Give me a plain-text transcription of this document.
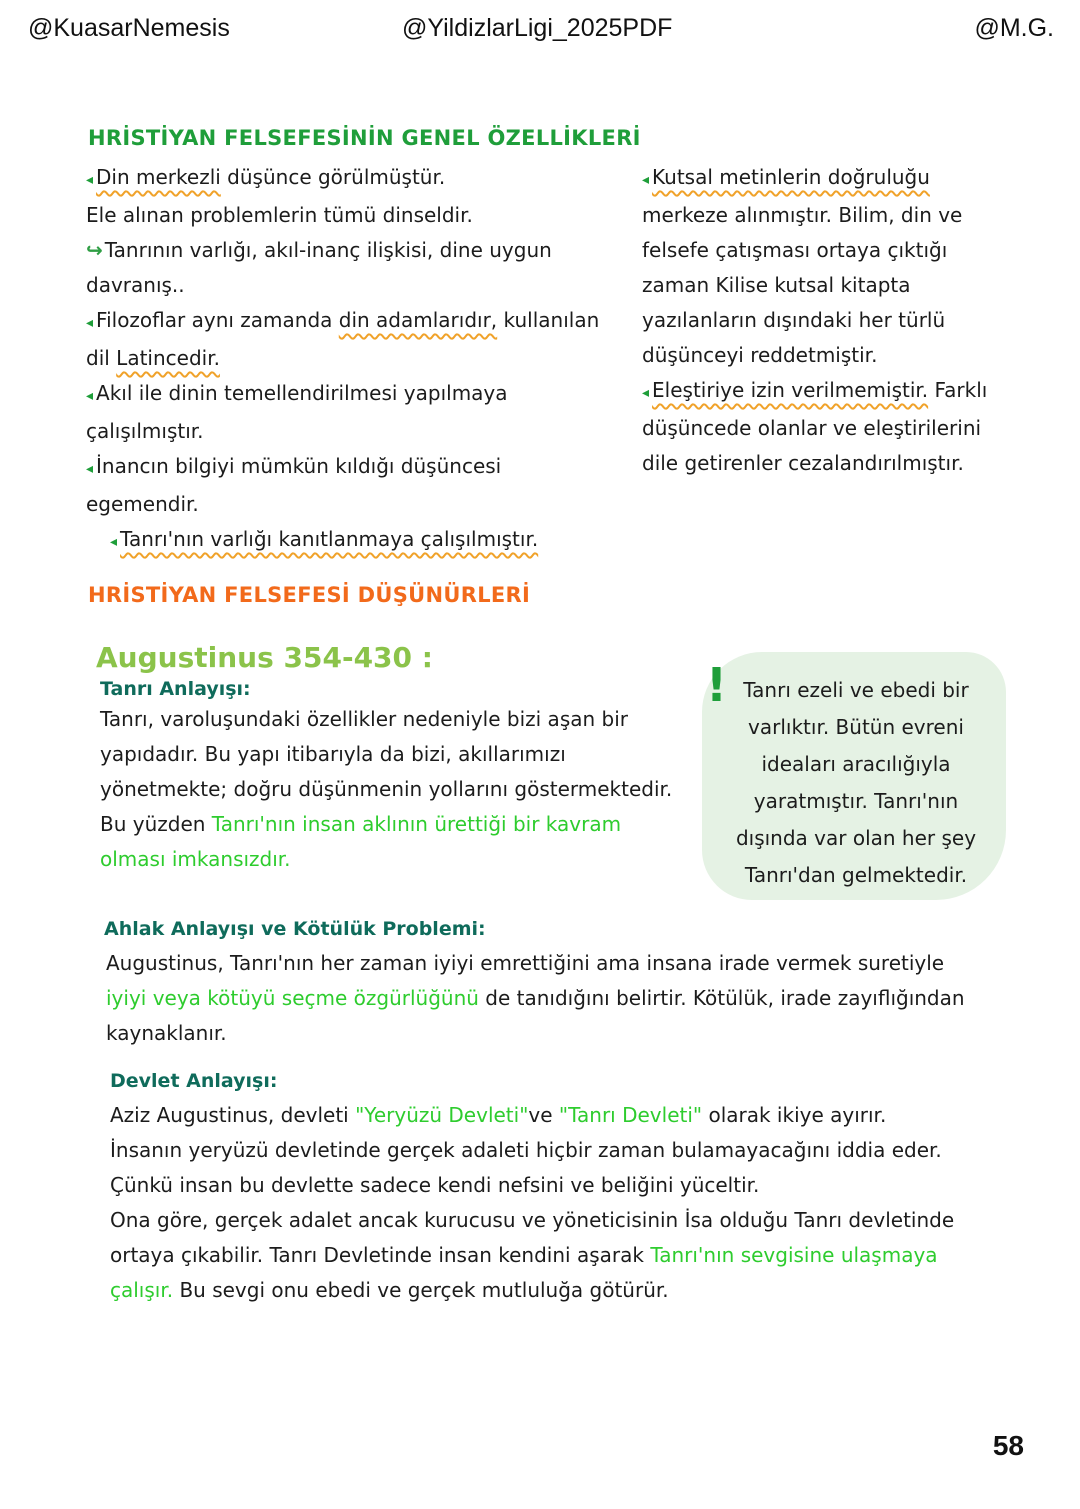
@KuasarNemesis	@YildizlarLigi_2025PDF	@M.G.
HRİSTİYAN FELSEFESİNİN GENEL ÖZELLİKLERİ

◂ Din merkezli düşünce görülmüştür.

Ele alınan problemlerin tümü dinseldir.

↪ Tanrının varlığı, akıl-inanç ilişkisi, dine uygun davranış..

◂ Filozoflar aynı zamanda din adamlarıdır, kullanılan dil Latincedir.

◂ Akıl ile dinin temellendirilmesi yapılmaya çalışılmıştır.

◂ İnancın bilgiyi mümkün kıldığı düşüncesi egemendir.

◂ Tanrı'nın varlığı kanıtlanmaya çalışılmıştır.

◂ Kutsal metinlerin doğruluğu merkeze alınmıştır. Bilim, din ve felsefe çatışması ortaya çıktığı zaman Kilise kutsal kitapta yazılanların dışındaki her türlü düşünceyi reddetmiştir.

◂ Eleştiriye izin verilmemiştir. Farklı düşüncede olanlar ve eleştirilerini dile getirenler cezalandırılmıştır.

HRİSTİYAN FELSEFESİ DÜŞÜNÜRLERİ
Augustinus 354-430 :
Tanrı Anlayışı:

Tanrı, varoluşundaki özellikler nedeniyle bizi aşan bir yapıdadır. Bu yapı itibarıyla da bizi, akıllarımızı yönetmekte; doğru düşünmenin yollarını göstermektedir. Bu yüzden Tanrı'nın insan aklının ürettiği bir kavram olması imkansızdır.

! Tanrı ezeli ve ebedi bir varlıktır. Bütün evreni ideaları aracılığıyla yaratmıştır. Tanrı'nın dışında var olan her şey Tanrı'dan gelmektedir.
Ahlak Anlayışı ve Kötülük Problemi:

Augustinus, Tanrı'nın her zaman iyiyi emrettiğini ama insana irade vermek suretiyle iyiyi veya kötüyü seçme özgürlüğünü de tanıdığını belirtir. Kötülük, irade zayıflığından kaynaklanır.

Devlet Anlayışı:

Aziz Augustinus, devleti "Yeryüzü Devleti"ve "Tanrı Devleti" olarak ikiye ayırır.

İnsanın yeryüzü devletinde gerçek adaleti hiçbir zaman bulamayacağını iddia eder. Çünkü insan bu devlette sadece kendi nefsini ve beliğini yüceltir.

Ona göre, gerçek adalet ancak kurucusu ve yöneticisinin İsa olduğu Tanrı devletinde ortaya çıkabilir. Tanrı Devletinde insan kendini aşarak Tanrı'nın sevgisine ulaşmaya çalışır. Bu sevgi onu ebedi ve gerçek mutluluğa götürür.

58
